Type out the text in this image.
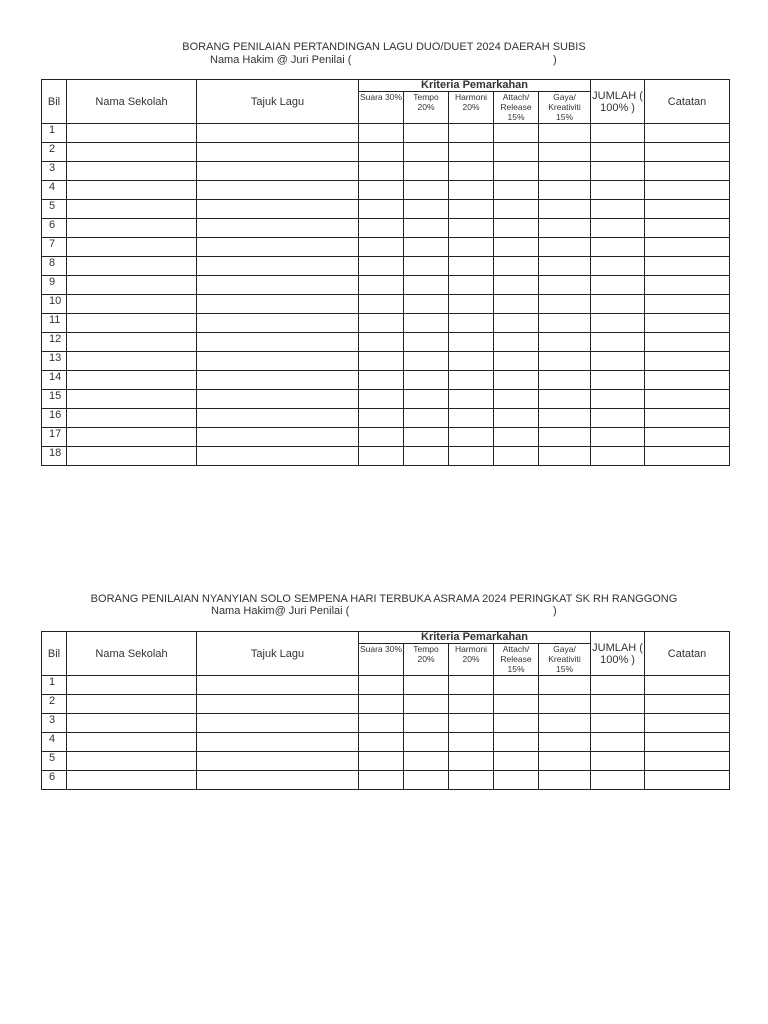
BORANG PENILAIAN PERTANDINGAN LAGU DUO/DUET 2024 DAERAH SUBIS
Nama Hakim @ Juri Penilai (	)
Bil	Nama Sekolah	Tajuk Lagu	Kriteria Pemarkahan					JUMLAH ( 100% )	Catatan
			Suara 30%	Tempo 20%	Harmoni 20%	Attach/ Release 15%	Gaya/ Kreativiti 15%		
1									
2									
3									
4									
5									
6									
7									
8									
9									
10									
11									
12									
13									
14									
15									
16									
17									
18									
BORANG PENILAIAN NYANYIAN SOLO SEMPENA HARI TERBUKA ASRAMA 2024 PERINGKAT SK RH RANGGONG
Nama Hakim@ Juri Penilai (	)
Bil	Nama Sekolah	Tajuk Lagu	Kriteria Pemarkahan					JUMLAH ( 100% )	Catatan
			Suara 30%	Tempo 20%	Harmoni 20%	Attach/ Release 15%	Gaya/ Kreativiti 15%		
1									
2									
3									
4									
5									
6									
